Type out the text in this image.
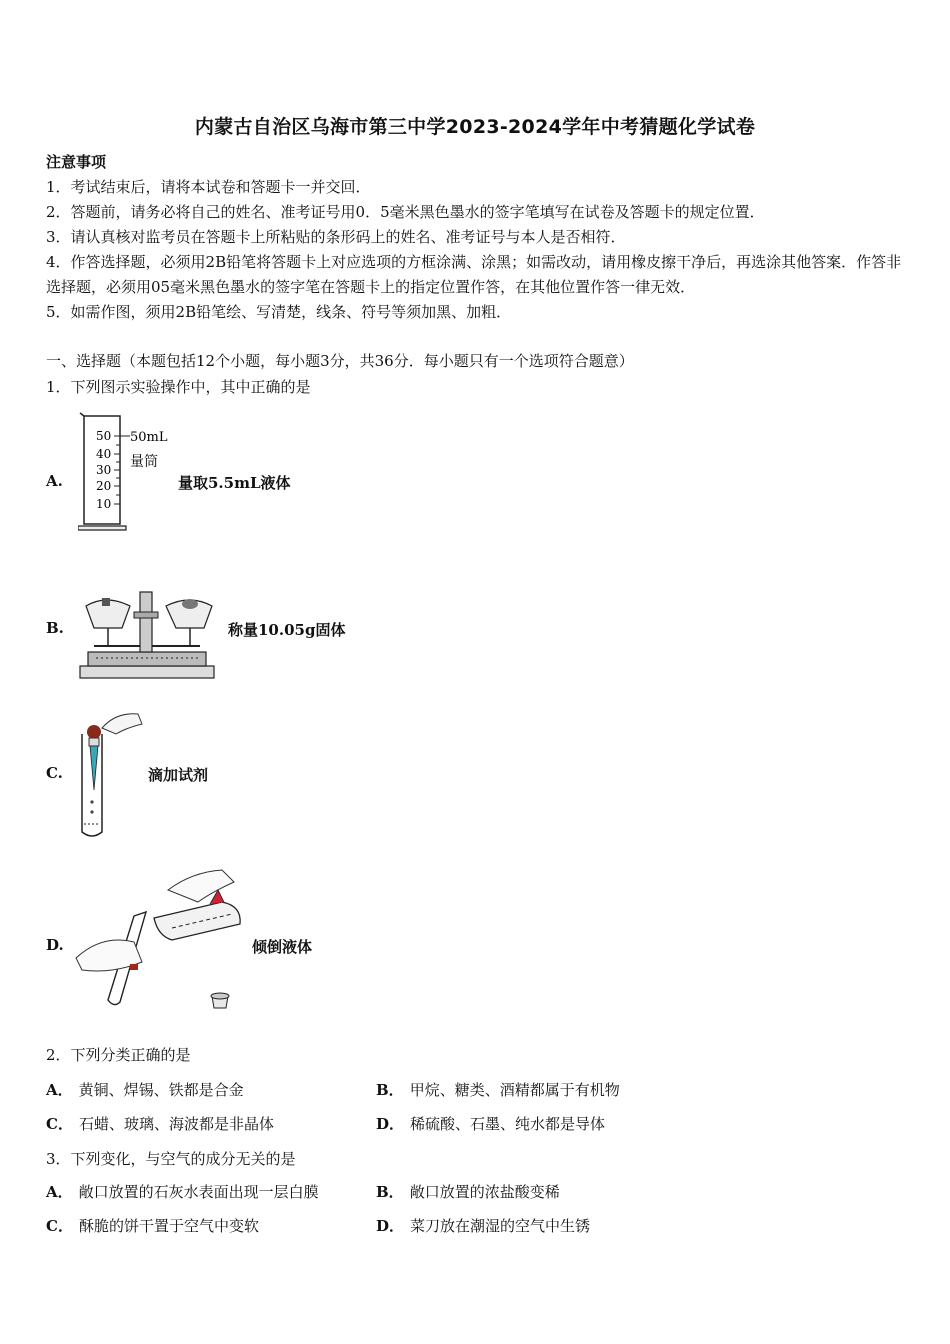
内蒙古自治区乌海市第三中学2023-2024学年中考猜题化学试卷
注意事项

1．考试结束后，请将本试卷和答题卡一并交回．

2．答题前，请务必将自己的姓名、准考证号用0．5毫米黑色墨水的签字笔填写在试卷及答题卡的规定位置．

3．请认真核对监考员在答题卡上所粘贴的条形码上的姓名、准考证号与本人是否相符．

4．作答选择题，必须用2B铅笔将答题卡上对应选项的方框涂满、涂黑；如需改动，请用橡皮擦干净后，再选涂其他答案．作答非选择题，必须用05毫米黑色墨水的签字笔在答题卡上的指定位置作答，在其他位置作答一律无效．

5．如需作图，须用2B铅笔绘、写清楚，线条、符号等须加黑、加粗．

一、选择题（本题包括12个小题，每小题3分，共36分．每小题只有一个选项符合题意）
1．下列图示实验操作中，其中正确的是
A.
50
40
30
20
10
50mL
量筒
量取5.5mL液体
B.	称量10.05g固体
C.	滴加试剂
D.	倾倒液体
2．下列分类正确的是
A． 黄铜、焊锡、铁都是合金	B． 甲烷、糖类、酒精都属于有机物
C． 石蜡、玻璃、海波都是非晶体	D． 稀硫酸、石墨、纯水都是导体
3．下列变化，与空气的成分无关的是
A． 敞口放置的石灰水表面出现一层白膜	B． 敞口放置的浓盐酸变稀
C． 酥脆的饼干置于空气中变软	D． 菜刀放在潮湿的空气中生锈
